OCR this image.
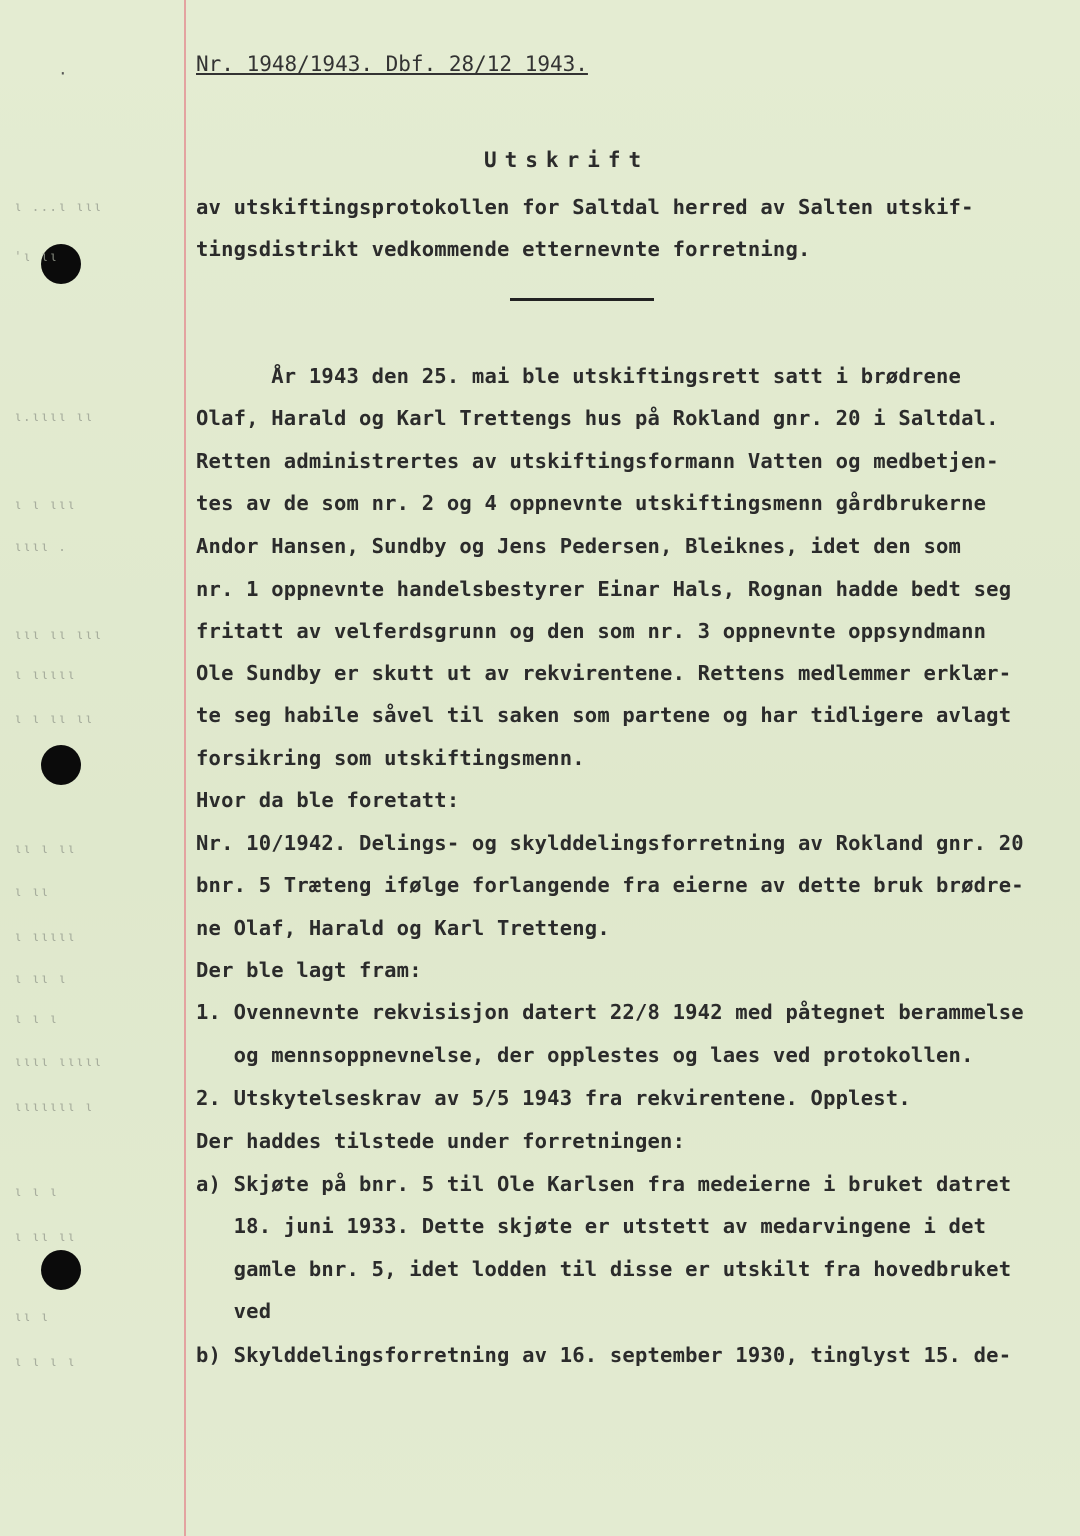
·
ι ...ι ιιι
'ι ιι
ι.ιιιι ιι
ι ι ιιι
ιιιι .
ιιι ιι ιιι
ι ιιιιι
ι ι ιι ιι
ιι ι ιι
ι ιι
ι ιιιιι
ι ιι ι
ι ι ι
ιιιι ιιιιι
ιιιιιιι ι
ι ι ι
ι ιι ιι
ιι ι
ι ι ι ι
Nr. 1948/1943. Dbf. 28/12 1943.
Utskrift
av utskiftingsprotokollen for Saltdal herred av Salten utskif-
tingsdistrikt vedkommende etternevnte forretning.
År 1943 den 25. mai ble utskiftingsrett satt i brødrene
Olaf, Harald og Karl Trettengs hus på Rokland gnr. 20 i Saltdal.
Retten administrertes av utskiftingsformann Vatten og medbetjen-
tes av de som nr. 2 og 4 oppnevnte utskiftingsmenn gårdbrukerne
Andor Hansen, Sundby og Jens Pedersen, Bleiknes, idet den som
nr. 1 oppnevnte handelsbestyrer Einar Hals, Rognan hadde bedt seg
fritatt av velferdsgrunn og den som nr. 3 oppnevnte oppsyndmann
Ole Sundby er skutt ut av rekvirentene. Rettens medlemmer erklær-
te seg habile såvel til saken som partene og har tidligere avlagt
forsikring som utskiftingsmenn.
Hvor da ble foretatt:
Nr. 10/1942. Delings- og skylddelingsforretning av Rokland gnr. 20
bnr. 5 Træteng ifølge forlangende fra eierne av dette bruk brødre-
ne Olaf, Harald og Karl Tretteng.
Der ble lagt fram:
1. Ovennevnte rekvisisjon datert 22/8 1942 med påtegnet berammelse
og mennsoppnevnelse, der opplestes og laes ved protokollen.
2. Utskytelseskrav av 5/5 1943 fra rekvirentene. Opplest.
Der haddes tilstede under forretningen:
a) Skjøte på bnr. 5 til Ole Karlsen fra medeierne i bruket datret
18. juni 1933. Dette skjøte er utstett av medarvingene i det
gamle bnr. 5, idet lodden til disse er utskilt fra hovedbruket
ved
b) Skylddelingsforretning av 16. september 1930, tinglyst 15. de-
